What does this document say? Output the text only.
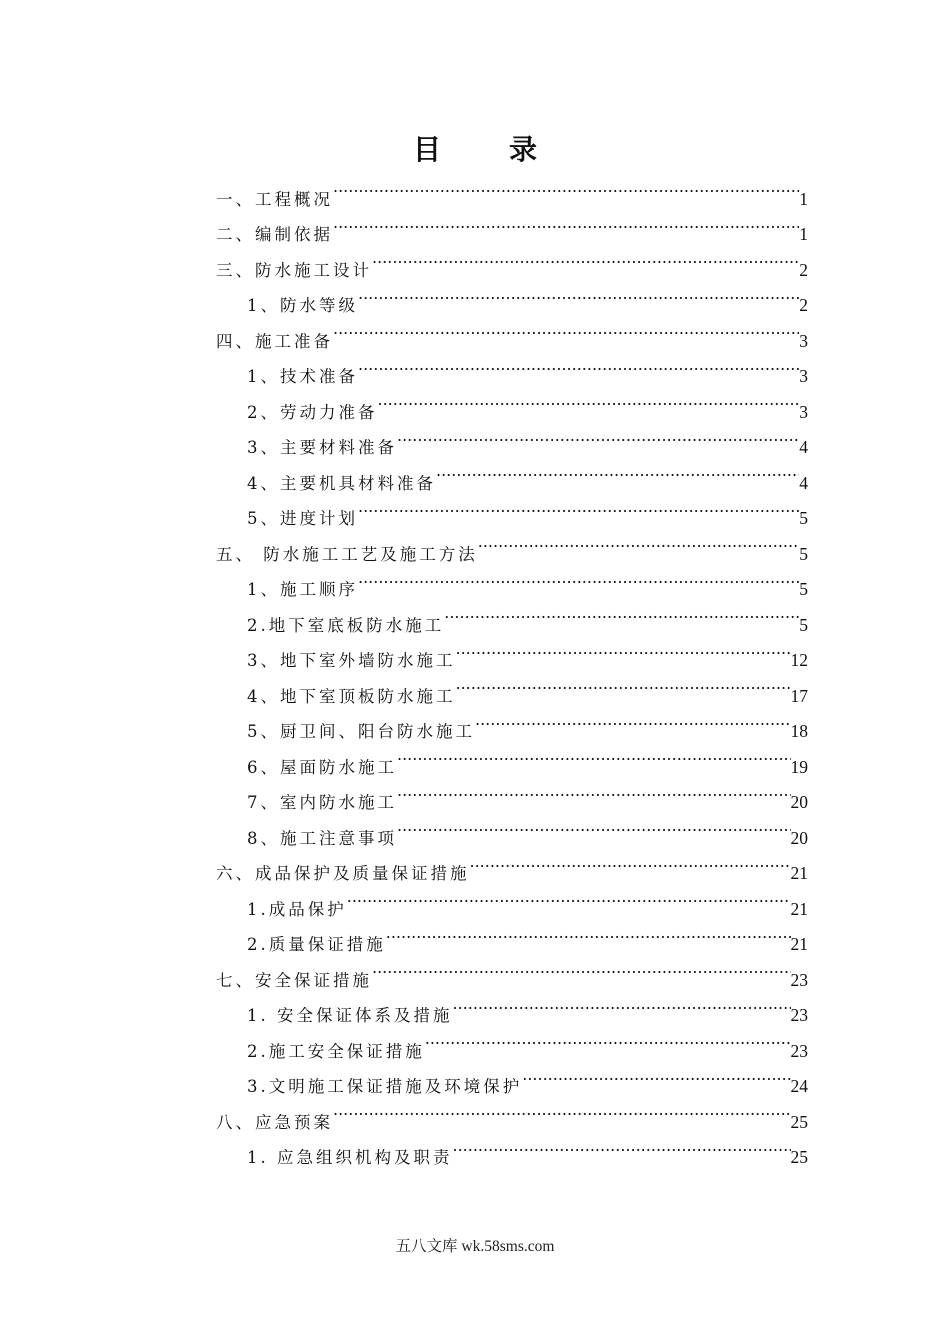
目　录
一、工程概况 .....	1
二、编制依据 .....	1
三、防水施工设计 .....	2
1、防水等级 .....	2
四、施工准备 .....	3
1、技术准备 .....	3
2、劳动力准备 .....	3
3、主要材料准备 .....	4
4、主要机具材料准备 .....	4
5、进度计划 .....	5
五、 防水施工工艺及施工方法 .....	5
1、施工顺序 .....	5
2.地下室底板防水施工 .....	5
3、地下室外墙防水施工 .....	12
4、地下室顶板防水施工 .....	17
5、厨卫间、阳台防水施工 .....	18
6、屋面防水施工 .....	19
7、室内防水施工 .....	20
8、施工注意事项 .....	20
六、成品保护及质量保证措施 .....	21
1.成品保护 .....	21
2.质量保证措施 .....	21
七、安全保证措施 .....	23
1. 安全保证体系及措施 .....	23
2.施工安全保证措施 .....	23
3.文明施工保证措施及环境保护 .....	24
八、应急预案 .....	25
1. 应急组织机构及职责 .....	25
五八文库 wk.58sms.com
